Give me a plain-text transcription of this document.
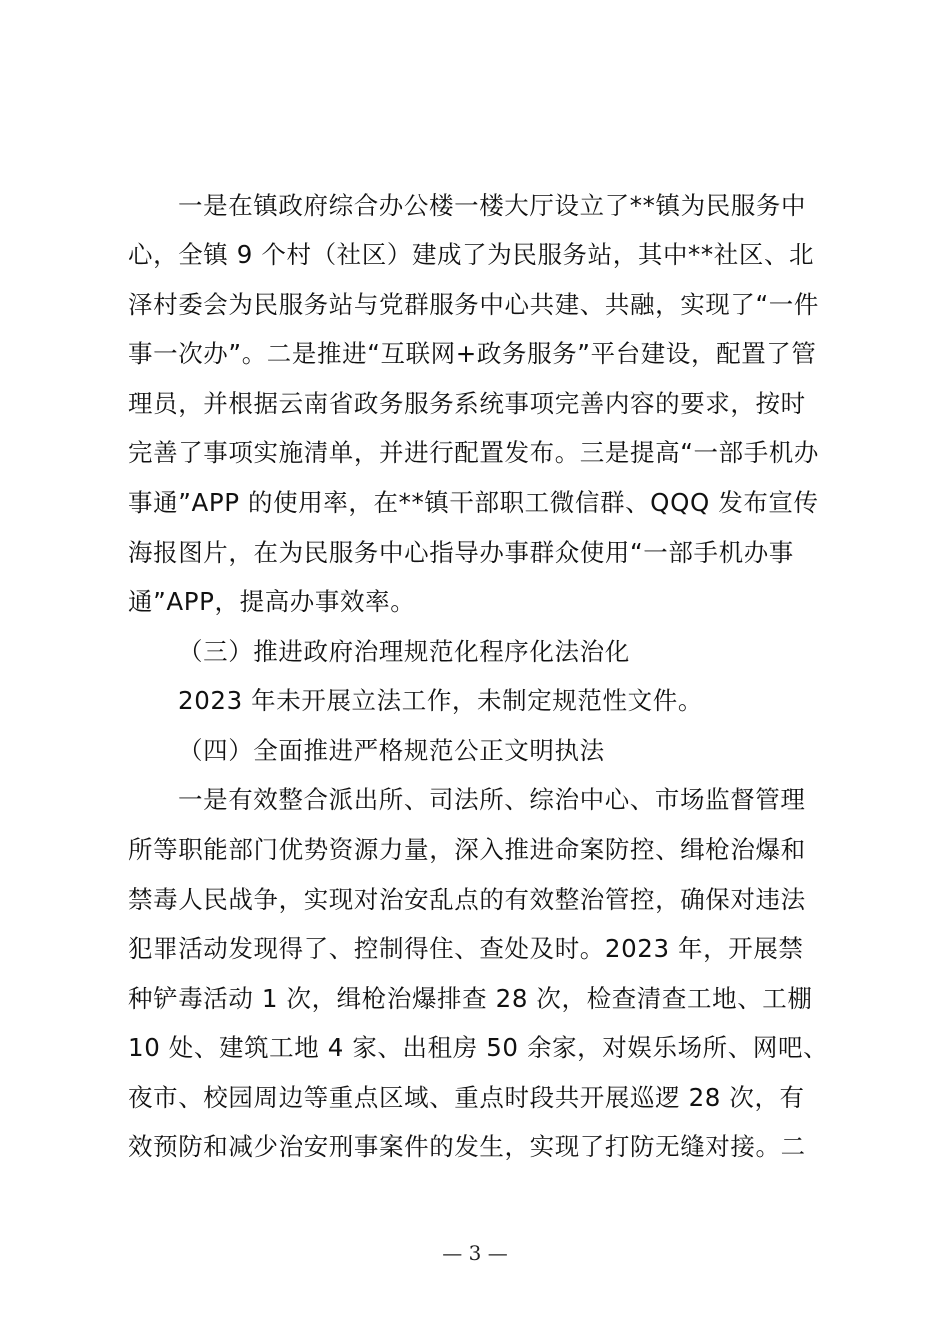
一是在镇政府综合办公楼一楼大厅设立了**镇为民服务中
心，全镇 9 个村（社区）建成了为民服务站，其中**社区、北
泽村委会为民服务站与党群服务中心共建、共融，实现了“一件
事一次办”。二是推进“互联网+政务服务”平台建设，配置了管
理员，并根据云南省政务服务系统事项完善内容的要求，按时
完善了事项实施清单，并进行配置发布。三是提高“一部手机办
事通”APP 的使用率，在**镇干部职工微信群、QQQ 发布宣传
海报图片，在为民服务中心指导办事群众使用“一部手机办事
通”APP，提高办事效率。
（三）推进政府治理规范化程序化法治化
2023 年未开展立法工作，未制定规范性文件。
（四）全面推进严格规范公正文明执法
一是有效整合派出所、司法所、综治中心、市场监督管理
所等职能部门优势资源力量，深入推进命案防控、缉枪治爆和
禁毒人民战争，实现对治安乱点的有效整治管控，确保对违法
犯罪活动发现得了、控制得住、查处及时。2023 年，开展禁
种铲毒活动 1 次，缉枪治爆排查 28 次，检查清查工地、工棚
10 处、建筑工地 4 家、出租房 50 余家，对娱乐场所、网吧、
夜市、校园周边等重点区域、重点时段共开展巡逻 28 次，有
效预防和减少治安刑事案件的发生，实现了打防无缝对接。二
— 3 —
